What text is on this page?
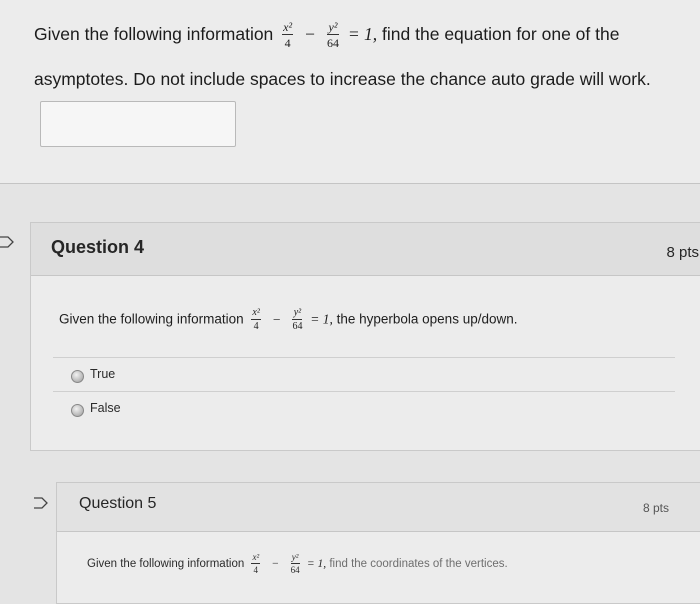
Given the following information $\frac{\text{x²}}{4} - \frac{\text{y²}}{64} = 1$, find the equation for one of the asymptotes. Do not include spaces to increase the chance auto grade will work.
Question 4	8 pts
Given the following information $\frac{\text{x²}}{4} - \frac{\text{y²}}{64} = 1$, the hyperbola opens up/down.
True
False
Question 5	8 pts
Given the following information $\frac{\text{x²}}{4} - \frac{\text{y²}}{64} = 1$, find the coordinates of the vertices.
